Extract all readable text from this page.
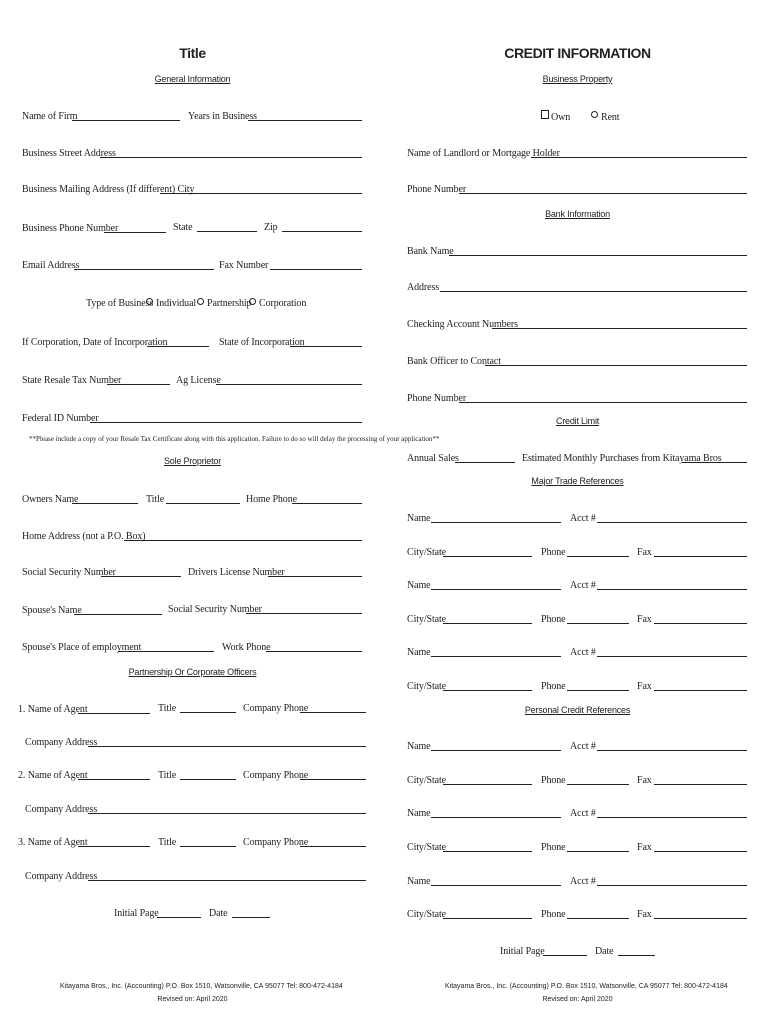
Title
General Information
Name of Firm	Years in Business
Business Street Address
Business Mailing Address (If different) City
Business Phone Number	State	Zip
Email Address	Fax Number
Type of Business Individual Partnership Corporation
If Corporation, Date of Incorporation	State of Incorporation
State Resale Tax Number	Ag License
Federal ID Number
**Please include a copy of your Resale Tax Certificate along with this application. Failure to do so will delay the processing of your application**
Sole Proprietor
Owners Name	Title	Home Phone
Home Address (not a P.O. Box)
Social Security Number	Drivers License Number
Spouse's Name	Social Security Number
Spouse's Place of employment	Work Phone
Partnership Or Corporate Officers
1. Name of Agent	Title	Company Phone
Company Address
2. Name of Agent	Title	Company Phone
Company Address
3. Name of Agent	Title	Company Phone
Company Address
Initial Page	Date
Kitayama Bros., Inc. (Accounting) P.O. Box 1510, Watsonville, CA 95077 Tel: 800-472-4184
Revised on: April 2020
CREDIT INFORMATION
Business Property
Own	Rent
Name of Landlord or Mortgage Holder
Phone Number
Bank Information
Bank Name
Address
Checking Account Numbers
Bank Officer to Contact
Phone Number
Credit Limit
Annual Sales	Estimated Monthly Purchases from Kitayama Bros
Major Trade References
Name	Acct #
City/State	Phone	Fax
Name	Acct #
City/State	Phone	Fax
Name	Acct #
City/State	Phone	Fax
Personal Credit References
Name	Acct #
City/State	Phone	Fax
Name	Acct #
City/State	Phone	Fax
Name	Acct #
City/State	Phone	Fax
Initial Page	Date
Kitayama Bros., Inc. (Accounting) P.O. Box 1510, Watsonville, CA 95077 Tel: 800-472-4184
Revised on: April 2020
